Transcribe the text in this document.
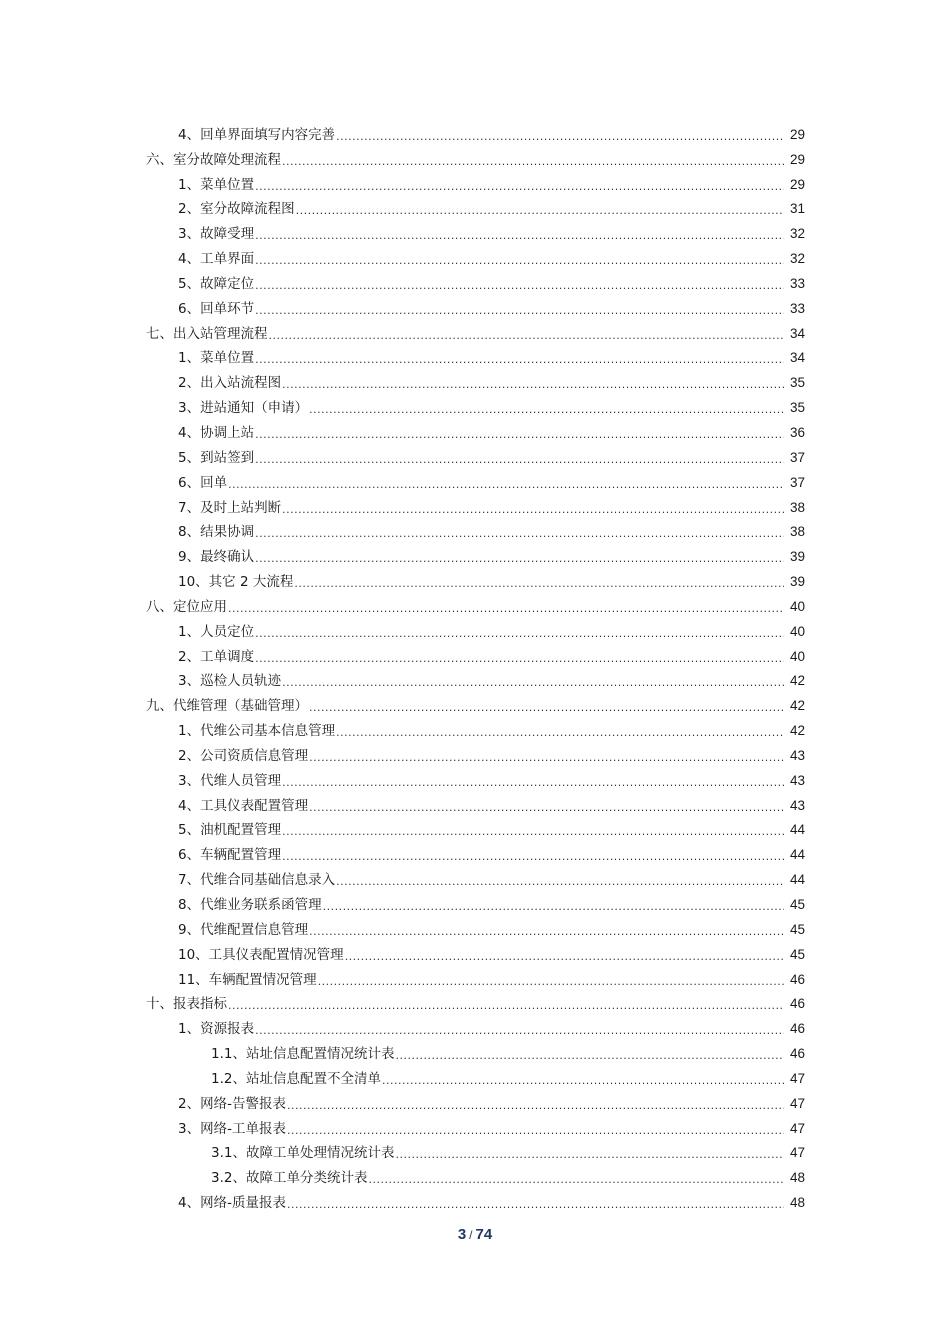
4、回单界面填写内容完善 .....	29
六、室分故障处理流程 .....	29
1、菜单位置 .....	29
2、室分故障流程图 .....	31
3、故障受理 .....	32
4、工单界面 .....	32
5、故障定位 .....	33
6、回单环节 .....	33
七、出入站管理流程 .....	34
1、菜单位置 .....	34
2、出入站流程图 .....	35
3、进站通知（申请） .....	35
4、协调上站 .....	36
5、到站签到 .....	37
6、回单 .....	37
7、及时上站判断 .....	38
8、结果协调 .....	38
9、最终确认 .....	39
10、其它 2 大流程 .....	39
八、定位应用 .....	40
1、人员定位 .....	40
2、工单调度 .....	40
3、巡检人员轨迹 .....	42
九、代维管理（基础管理） .....	42
1、代维公司基本信息管理 .....	42
2、公司资质信息管理 .....	43
3、代维人员管理 .....	43
4、工具仪表配置管理 .....	43
5、油机配置管理 .....	44
6、车辆配置管理 .....	44
7、代维合同基础信息录入 .....	44
8、代维业务联系函管理 .....	45
9、代维配置信息管理 .....	45
10、工具仪表配置情况管理 .....	45
11、车辆配置情况管理 .....	46
十、报表指标 .....	46
1、资源报表 .....	46
1.1、站址信息配置情况统计表 .....	46
1.2、站址信息配置不全清单 .....	47
2、网络-告警报表 .....	47
3、网络-工单报表 .....	47
3.1、故障工单处理情况统计表 .....	47
3.2、故障工单分类统计表 .....	48
4、网络-质量报表 .....	48
3 / 74
